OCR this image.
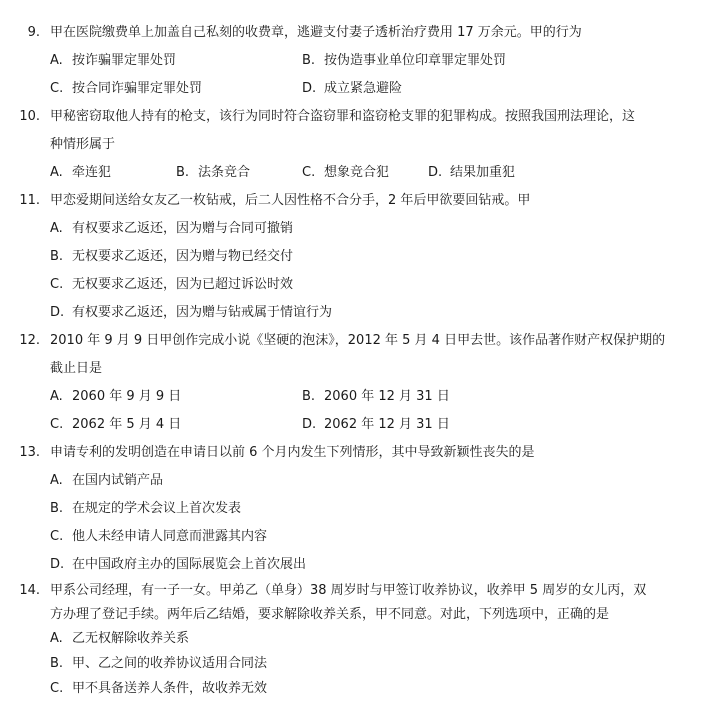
9. 甲在医院缴费单上加盖自己私刻的收费章，逃避支付妻子透析治疗费用 17 万余元。甲的行为
A. 按诈骗罪定罪处罚	B. 按伪造事业单位印章罪定罪处罚
C. 按合同诈骗罪定罪处罚	D. 成立紧急避险
10. 甲秘密窃取他人持有的枪支，该行为同时符合盗窃罪和盗窃枪支罪的犯罪构成。按照我国刑法理论，这
种情形属于
A. 牵连犯	B. 法条竞合	C. 想象竞合犯	D. 结果加重犯
11. 甲恋爱期间送给女友乙一枚钻戒，后二人因性格不合分手，2 年后甲欲要回钻戒。甲
A. 有权要求乙返还，因为赠与合同可撤销
B. 无权要求乙返还，因为赠与物已经交付
C. 无权要求乙返还，因为已超过诉讼时效
D. 有权要求乙返还，因为赠与钻戒属于情谊行为
12. 2010 年 9 月 9 日甲创作完成小说《坚硬的泡沫》，2012 年 5 月 4 日甲去世。该作品著作财产权保护期的
截止日是
A. 2060 年 9 月 9 日	B. 2060 年 12 月 31 日
C. 2062 年 5 月 4 日	D. 2062 年 12 月 31 日
13. 申请专利的发明创造在申请日以前 6 个月内发生下列情形，其中导致新颖性丧失的是
A. 在国内试销产品
B. 在规定的学术会议上首次发表
C. 他人未经申请人同意而泄露其内容
D. 在中国政府主办的国际展览会上首次展出
14. 甲系公司经理，有一子一女。甲弟乙（单身）38 周岁时与甲签订收养协议，收养甲 5 周岁的女儿丙，双
方办理了登记手续。两年后乙结婚，要求解除收养关系，甲不同意。对此，下列选项中，正确的是
A. 乙无权解除收养关系
B. 甲、乙之间的收养协议适用合同法
C. 甲不具备送养人条件，故收养无效
